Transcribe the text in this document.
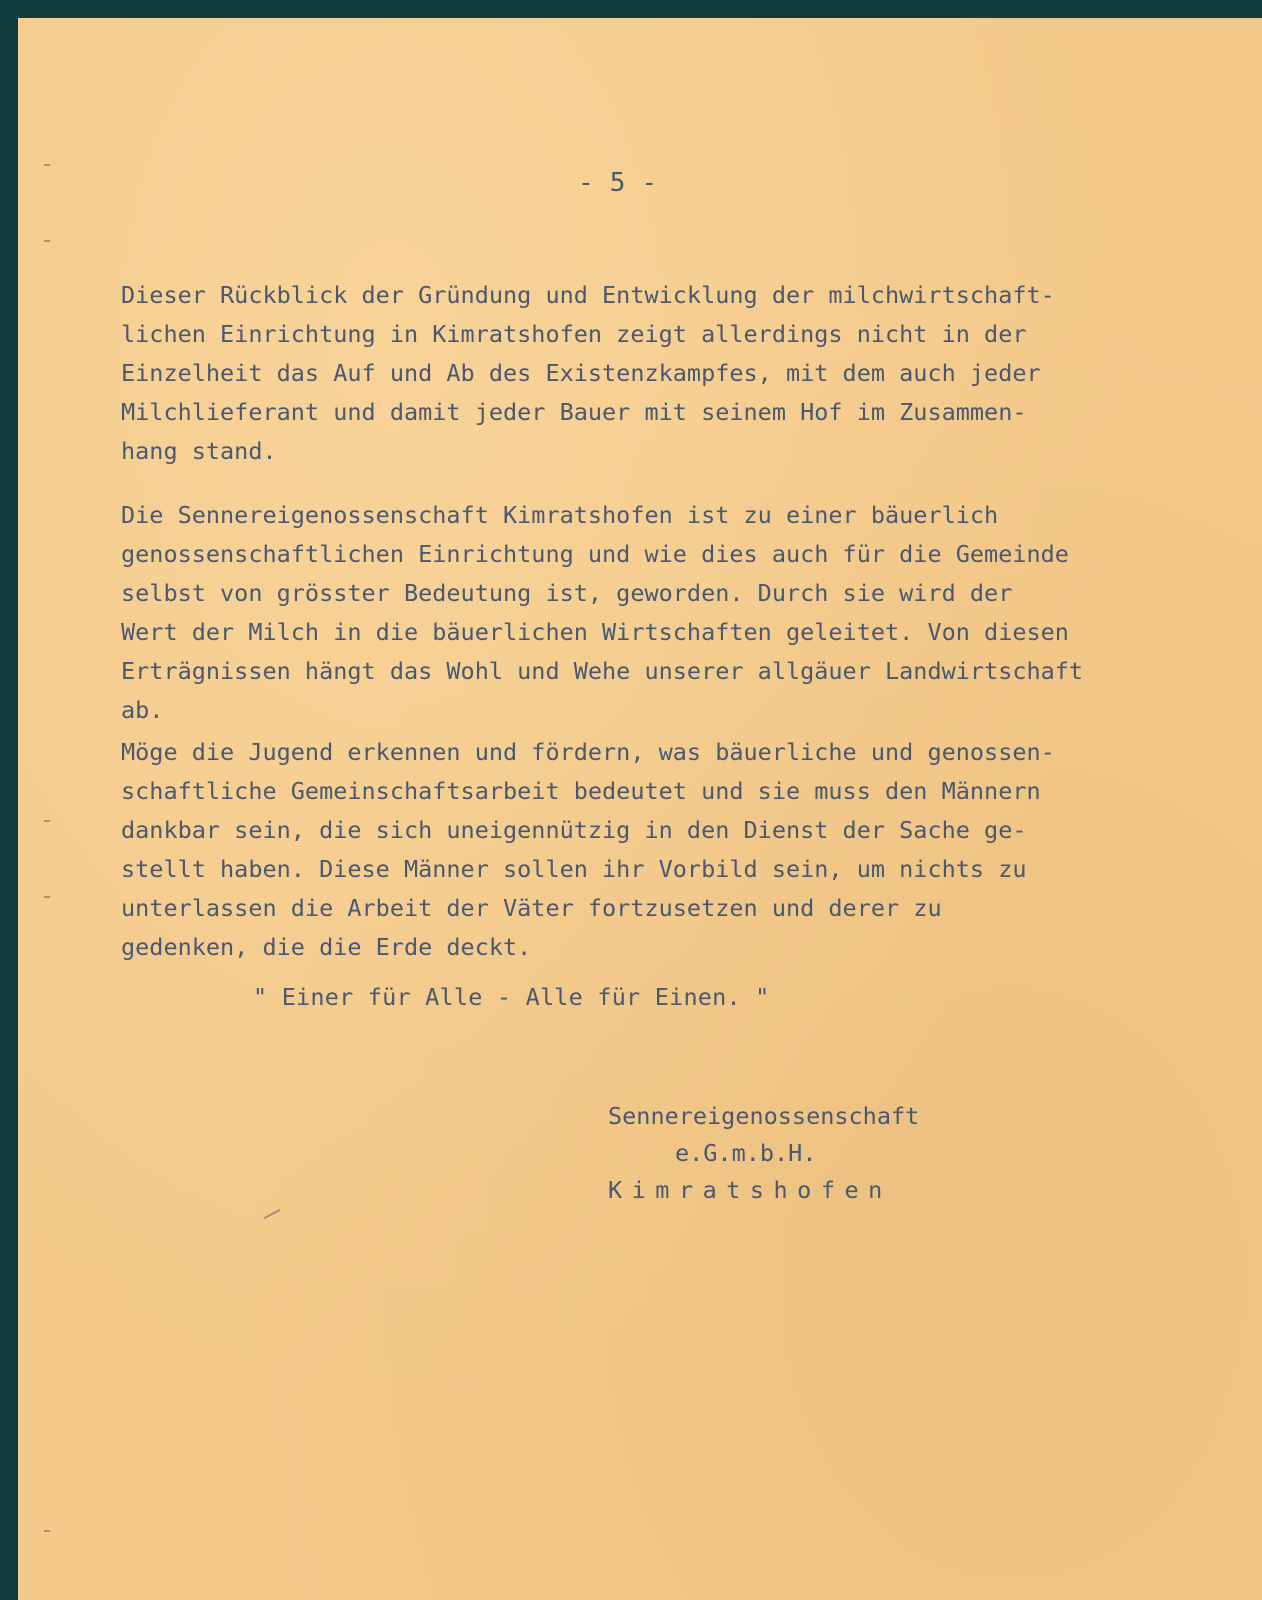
- 5 -
Dieser Rückblick der Gründung und Entwicklung der milchwirtschaft-
lichen Einrichtung in Kimratshofen zeigt allerdings nicht in der
Einzelheit das Auf und Ab des Existenzkampfes, mit dem auch jeder
Milchlieferant und damit jeder Bauer mit seinem Hof im Zusammen-
hang stand.
Die Sennereigenossenschaft Kimratshofen ist zu einer bäuerlich
genossenschaftlichen Einrichtung und wie dies auch für die Gemeinde
selbst von grösster Bedeutung ist, geworden. Durch sie wird der
Wert der Milch in die bäuerlichen Wirtschaften geleitet. Von diesen
Erträgnissen hängt das Wohl und Wehe unserer allgäuer Landwirtschaft
ab.
Möge die Jugend erkennen und fördern, was bäuerliche und genossen-
schaftliche Gemeinschaftsarbeit bedeutet und sie muss den Männern
dankbar sein, die sich uneigennützig in den Dienst der Sache ge-
stellt haben. Diese Männer sollen ihr Vorbild sein, um nichts zu
unterlassen die Arbeit der Väter fortzusetzen und derer zu
gedenken, die die Erde deckt.
" Einer für Alle - Alle für Einen. "
Sennereigenossenschaft
e.G.m.b.H.
Kimratshofen
